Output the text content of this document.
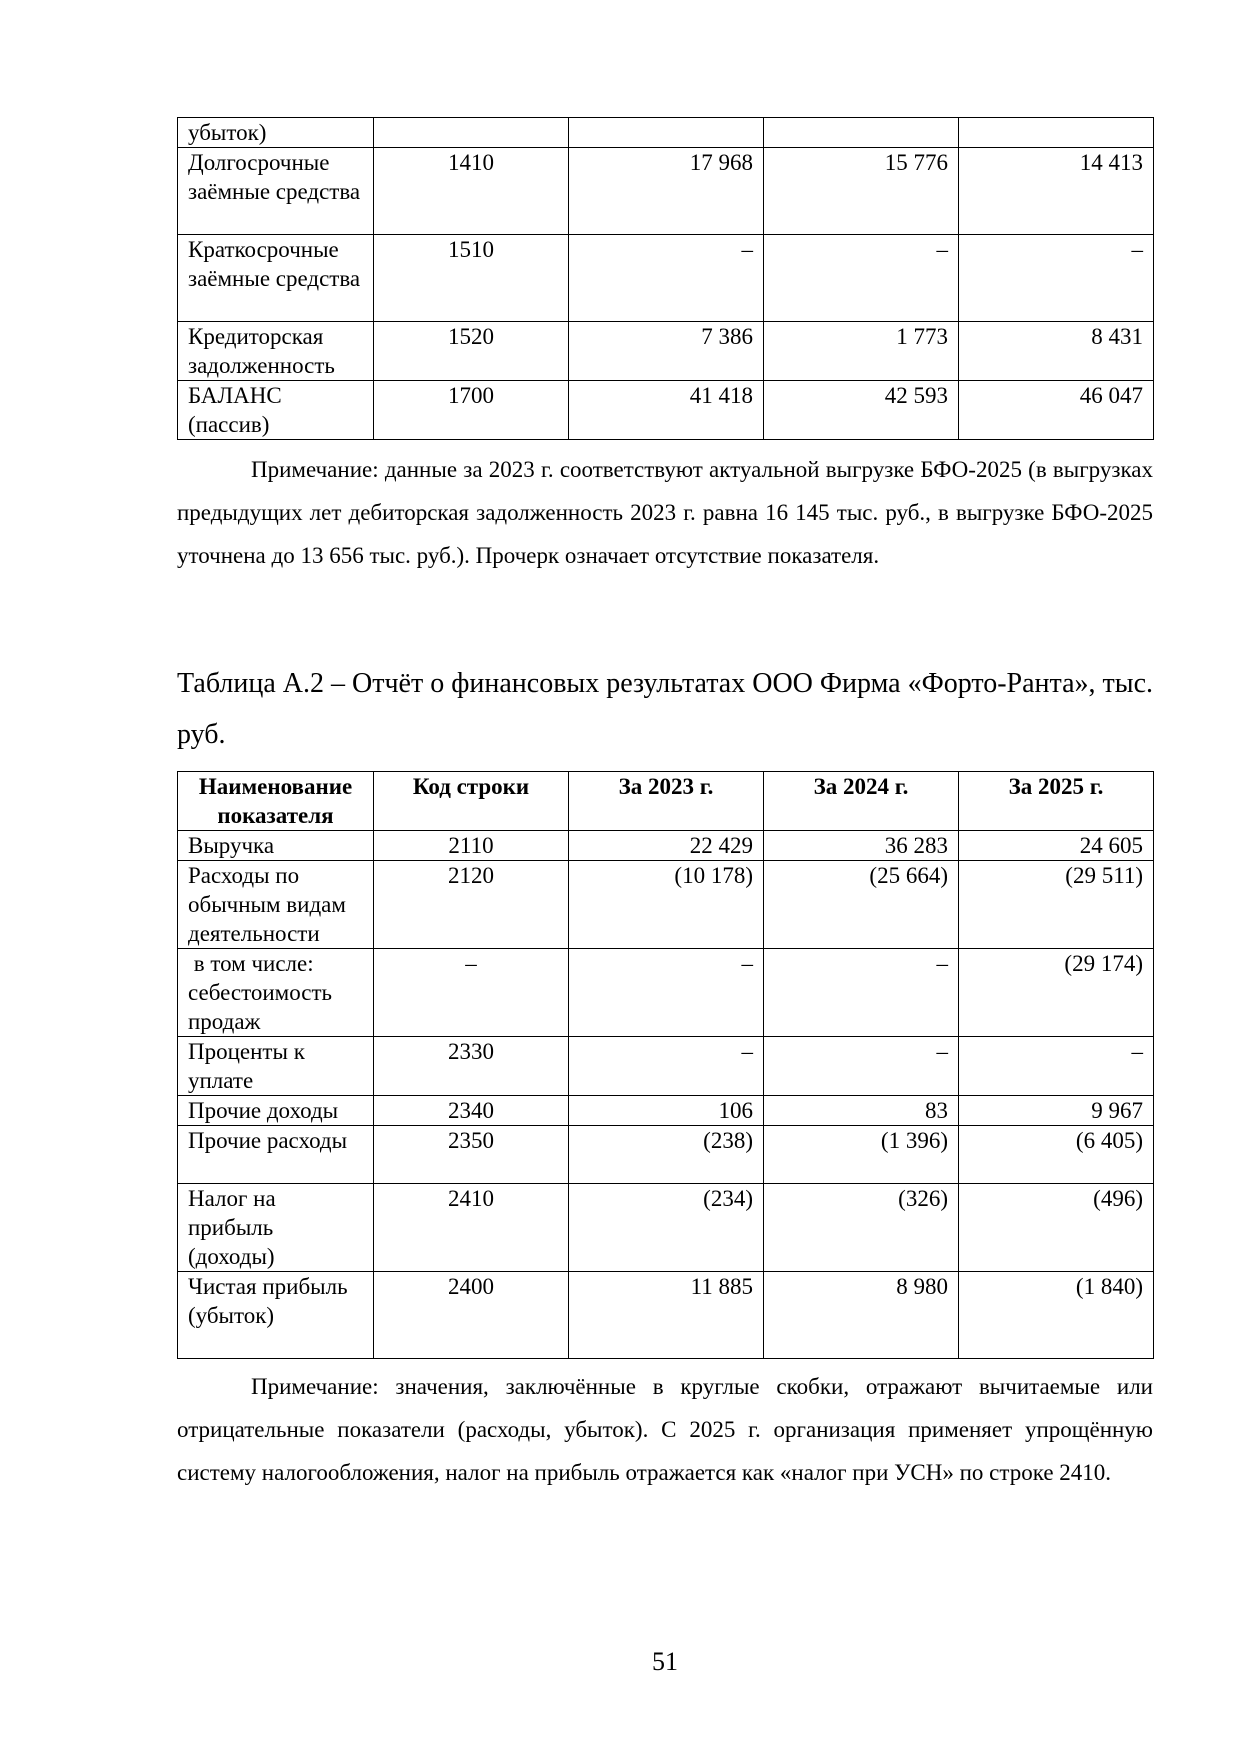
убыток)				
Долгосрочные заёмные средства	1410	17 968	15 776	14 413
Краткосрочные заёмные средства	1510	–	–	–
Кредиторская задолженность	1520	7 386	1 773	8 431
БАЛАНС (пассив)	1700	41 418	42 593	46 047

Примечание: данные за 2023 г. соответствуют актуальной выгрузке БФО-2025 (в выгрузках предыдущих лет дебиторская задолженность 2023 г. равна 16 145 тыс. руб., в выгрузке БФО-2025 уточнена до 13 656 тыс. руб.). Прочерк означает отсутствие показателя.

Таблица А.2 – Отчёт о финансовых результатах ООО Фирма «Форто-Ранта», тыс. руб.

Наименование показателя	Код строки	За 2023 г.	За 2024 г.	За 2025 г.
Выручка	2110	22 429	36 283	24 605
Расходы по обычным видам деятельности	2120	(10 178)	(25 664)	(29 511)
в том числе: себестоимость продаж	–	–	–	(29 174)
Проценты к уплате	2330	–	–	–
Прочие доходы	2340	106	83	9 967
Прочие расходы	2350	(238)	(1 396)	(6 405)
Налог на прибыль (доходы)	2410	(234)	(326)	(496)
Чистая прибыль (убыток)	2400	11 885	8 980	(1 840)

Примечание: значения, заключённые в круглые скобки, отражают вычитаемые или отрицательные показатели (расходы, убыток). С 2025 г. организация применяет упрощённую систему налогообложения, налог на прибыль отражается как «налог при УСН» по строке 2410.

51
